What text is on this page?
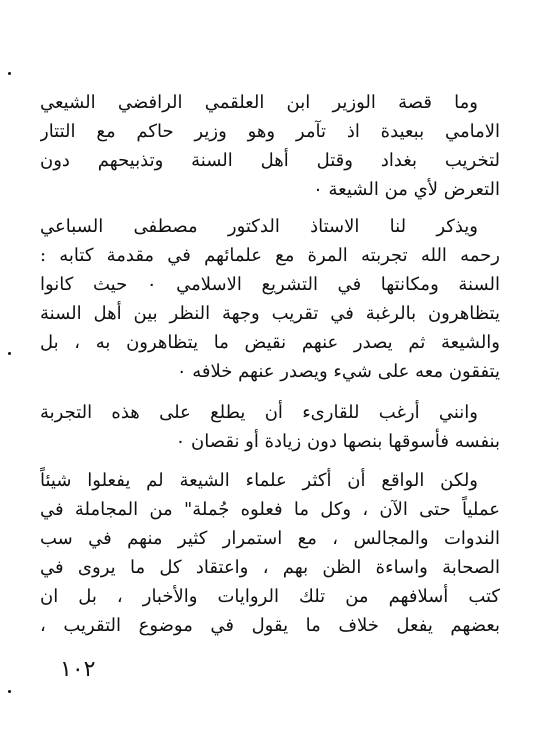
وما قصة الوزير ابن العلقمي الرافضي الشيعي
الامامي ببعيدة اذ تآمر وهو وزير حاكم مع التتار
لتخريب بغداد وقتل أهل السنة وتذبيحهم دون
التعرض لأي من الشيعة ٠
ويذكر لنا الاستاذ الدكتور مصطفى السباعي
رحمه الله تجربته المرة مع علمائهم في مقدمة كتابه :
السنة ومكانتها في التشريع الاسلامي ٠ حيث كانوا
يتظاهرون بالرغبة في تقريب وجهة النظر بين أهل السنة
والشيعة ثم يصدر عنهم نقيض ما يتظاهرون به ، بل
يتفقون معه على شيء ويصدر عنهم خلافه ٠
وانني أرغب للقارىء أن يطلع على هذه التجربة
بنفسه فأسوقها بنصها دون زيادة أو نقصان ٠
ولكن الواقع أن أكثر علماء الشيعة لم يفعلوا شيئاً
عملياً حتى الآن ، وكل ما فعلوه جُملة" من المجاملة في
الندوات والمجالس ، مع استمرار كثير منهم في سب
الصحابة واساءة الظن بهم ، واعتقاد كل ما يروى في
كتب أسلافهم من تلك الروايات والأخبار ، بل ان
بعضهم يفعل خلاف ما يقول في موضوع التقريب ،
١٠٢
